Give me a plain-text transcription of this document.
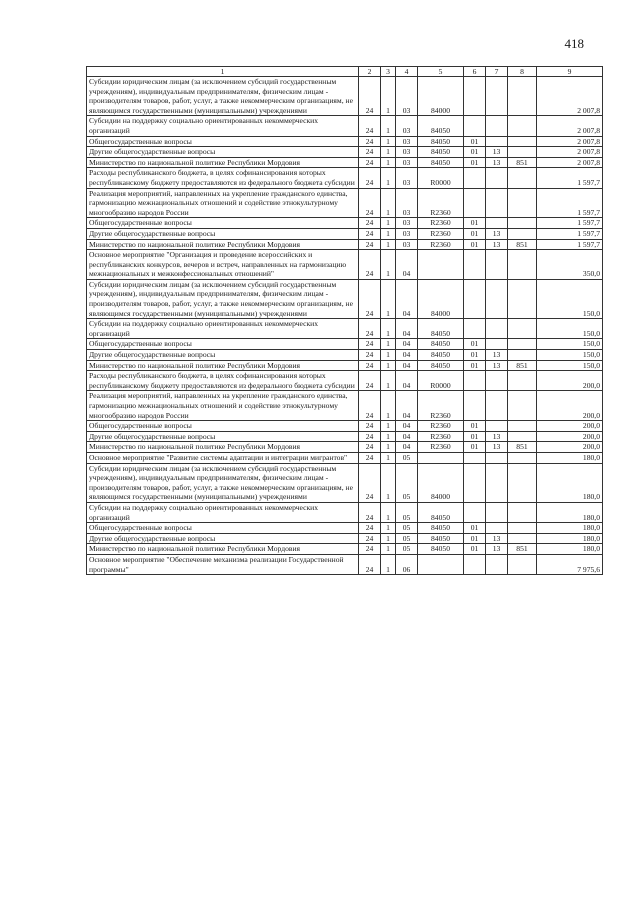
418
1	2	3	4	5	6	7	8	9
Субсидии юридическим лицам (за исключением субсидий государственным учреждениям), индивидуальным предпринимателям, физическим лицам - производителям товаров, работ, услуг, а также некоммерческим организациям, не являющимся государственными (муниципальными) учреждениями	24	1	03	84000				2 007,8
Субсидии на поддержку социально ориентированных некоммерческих организаций	24	1	03	84050				2 007,8
Общегосударственные вопросы	24	1	03	84050	01			2 007,8
Другие общегосударственные вопросы	24	1	03	84050	01	13		2 007,8
Министерство по национальной политике Республики Мордовия	24	1	03	84050	01	13	851	2 007,8
Расходы республиканского бюджета, в целях софинансирования которых республиканскому бюджету предоставляются из федерального бюджета субсидии	24	1	03	R0000				1 597,7
Реализация мероприятий, направленных на укрепление гражданского единства, гармонизацию межнациональных отношений и содействие этнокультурному многообразию народов России	24	1	03	R2360				1 597,7
Общегосударственные вопросы	24	1	03	R2360	01			1 597,7
Другие общегосударственные вопросы	24	1	03	R2360	01	13		1 597,7
Министерство по национальной политике Республики Мордовия	24	1	03	R2360	01	13	851	1 597,7
Основное мероприятие "Организация и проведение всероссийских и республиканских конкурсов, вечеров и встреч, направленных на гармонизацию межнациональных и межконфессиональных отношений"	24	1	04					350,0
Субсидии юридическим лицам (за исключением субсидий государственным учреждениям), индивидуальным предпринимателям, физическим лицам - производителям товаров, работ, услуг, а также некоммерческим организациям, не являющимся государственными (муниципальными) учреждениями	24	1	04	84000				150,0
Субсидии на поддержку социально ориентированных некоммерческих организаций	24	1	04	84050				150,0
Общегосударственные вопросы	24	1	04	84050	01			150,0
Другие общегосударственные вопросы	24	1	04	84050	01	13		150,0
Министерство по национальной политике Республики Мордовия	24	1	04	84050	01	13	851	150,0
Расходы республиканского бюджета, в целях софинансирования которых республиканскому бюджету предоставляются из федерального бюджета субсидии	24	1	04	R0000				200,0
Реализация мероприятий, направленных на укрепление гражданского единства, гармонизацию межнациональных отношений и содействие этнокультурному многообразию народов России	24	1	04	R2360				200,0
Общегосударственные вопросы	24	1	04	R2360	01			200,0
Другие общегосударственные вопросы	24	1	04	R2360	01	13		200,0
Министерство по национальной политике Республики Мордовия	24	1	04	R2360	01	13	851	200,0
Основное мероприятие "Развитие системы адаптации и интеграции мигрантов"	24	1	05					180,0
Субсидии юридическим лицам (за исключением субсидий государственным учреждениям), индивидуальным предпринимателям, физическим лицам - производителям товаров, работ, услуг, а также некоммерческим организациям, не являющимся государственными (муниципальными) учреждениями	24	1	05	84000				180,0
Субсидии на поддержку социально ориентированных некоммерческих организаций	24	1	05	84050				180,0
Общегосударственные вопросы	24	1	05	84050	01			180,0
Другие общегосударственные вопросы	24	1	05	84050	01	13		180,0
Министерство по национальной политике Республики Мордовия	24	1	05	84050	01	13	851	180,0
Основное мероприятие "Обеспечение механизма реализации Государственной программы"	24	1	06					7 975,6
